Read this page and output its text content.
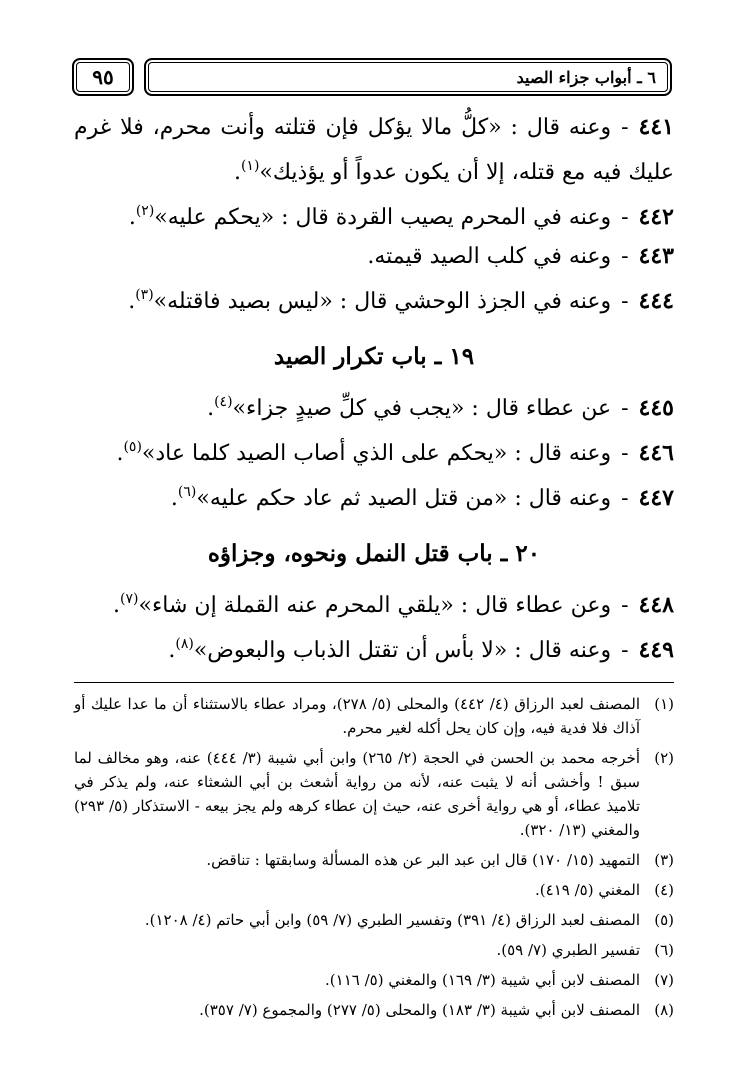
٦ ـ أبواب جزاء الصيد
٩٥
٤٤١-وعنه قال : «كلُّ مالا يؤكل فإن قتلته وأنت محرم، فلا غرم عليك فيه مع قتله، إلا أن يكون عدواً أو يؤذيك»$^{(١)}$.
٤٤٢-وعنه في المحرم يصيب القردة قال : «يحكم عليه»$^{(٢)}$.
٤٤٣-وعنه في كلب الصيد قيمته.
٤٤٤-وعنه في الجزذ الوحشي قال : «ليس بصيد فاقتله»$^{(٣)}$.
١٩ ـ باب تكرار الصيد
٤٤٥-عن عطاء قال : «يجب في كلِّ صيدٍ جزاء»$^{(٤)}$.
٤٤٦-وعنه قال : «يحكم على الذي أصاب الصيد كلما عاد»$^{(٥)}$.
٤٤٧-وعنه قال : «من قتل الصيد ثم عاد حكم عليه»$^{(٦)}$.
٢٠ ـ باب قتل النمل ونحوه، وجزاؤه
٤٤٨-وعن عطاء قال : «يلقي المحرم عنه القملة إن شاء»$^{(٧)}$.
٤٤٩-وعنه قال : «لا بأس أن تقتل الذباب والبعوض»$^{(٨)}$.
(١)
المصنف لعبد الرزاق (٤/ ٤٤٢) والمحلى (٥/ ٢٧٨)، ومراد عطاء بالاستثناء أن ما عدا عليك أو آذاك فلا فدية فيه، وإن كان يحل أكله لغير محرم.
(٢)
أخرجه محمد بن الحسن في الحجة (٢/ ٢٦٥) وابن أبي شيبة (٣/ ٤٤٤) عنه، وهو مخالف لما سبق ! وأخشى أنه لا يثبت عنه، لأنه من رواية أشعث بن أبي الشعثاء عنه، ولم يذكر في تلاميذ عطاء، أو هي رواية أخرى عنه، حيث إن عطاء كرهه ولم يجز بيعه - الاستذكار (٥/ ٢٩٣) والمغني (١٣/ ٣٢٠).
(٣)
التمهيد (١٥/ ١٧٠) قال ابن عبد البر عن هذه المسألة وسابقتها : تناقض.
(٤)
المغني (٥/ ٤١٩).
(٥)
المصنف لعبد الرزاق (٤/ ٣٩١) وتفسير الطبري (٧/ ٥٩) وابن أبي حاتم (٤/ ١٢٠٨).
(٦)
تفسير الطبري (٧/ ٥٩).
(٧)
المصنف لابن أبي شيبة (٣/ ١٦٩) والمغني (٥/ ١١٦).
(٨)
المصنف لابن أبي شيبة (٣/ ١٨٣) والمحلى (٥/ ٢٧٧) والمجموع (٧/ ٣٥٧).
